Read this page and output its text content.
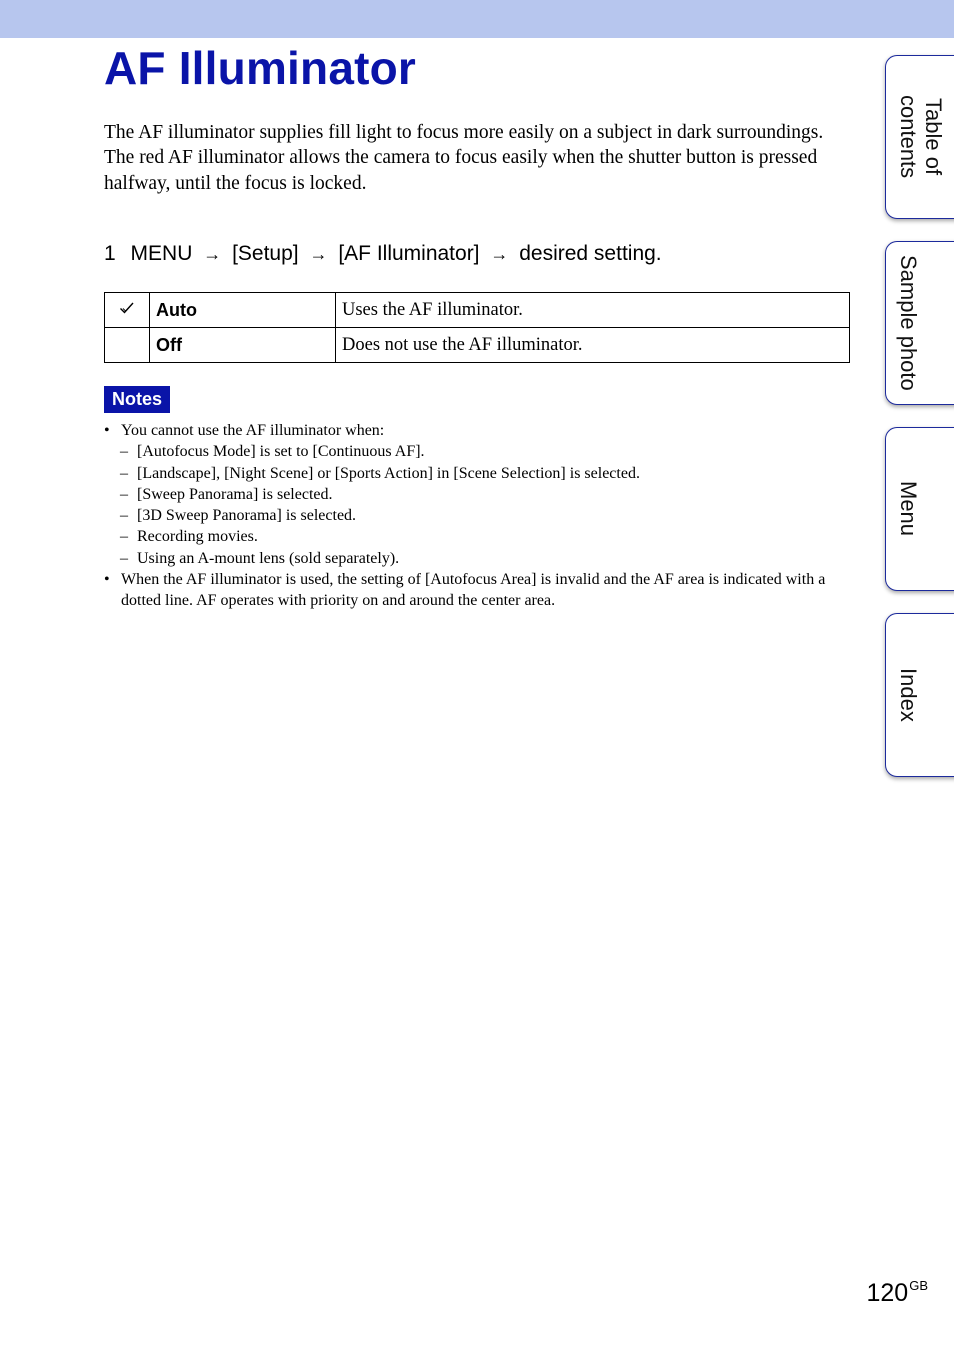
AF Illuminator

The AF illuminator supplies fill light to focus more easily on a subject in dark surroundings.

The red AF illuminator allows the camera to focus easily when the shutter button is pressed halfway, until the focus is locked.

1 MENU → [Setup] → [AF Illuminator] → desired setting.
	Auto	Uses the AF illuminator.
	Off	Does not use the AF illuminator.
Notes
• You cannot use the AF illuminator when:
– [Autofocus Mode] is set to [Continuous AF].
– [Landscape], [Night Scene] or [Sports Action] in [Scene Selection] is selected.
– [Sweep Panorama] is selected.
– [3D Sweep Panorama] is selected.
– Recording movies.
– Using an A-mount lens (sold separately).
• When the AF illuminator is used, the setting of [Autofocus Area] is invalid and the AF area is indicated with a dotted line. AF operates with priority on and around the center area.
Table of
contents
Sample photo
Menu
Index
$120^{GB}$
